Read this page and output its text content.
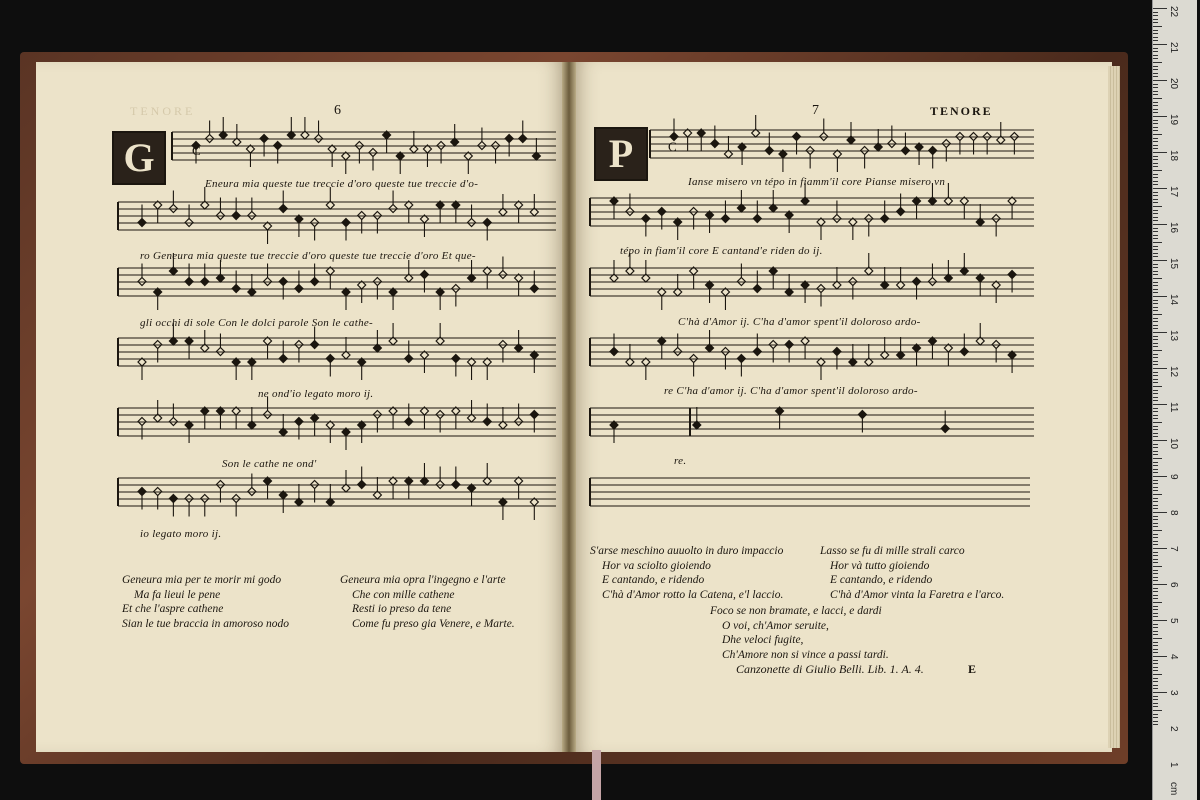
TENORE	6
G	C
Eneura mia queste tue treccie d'oro queste tue treccie d'o-
ro Geneura mia queste tue treccie d'oro queste tue treccie d'oro Et que-
gli occhi di sole Con le dolci parole Son le cathe-
ne ond'io legato moro ij.
Son le cathe ne ond'
io legato moro ij.
Geneura mia per te morir mi godo
Ma fa lieui le pene
Et che l'aspre cathene
Sian le tue braccia in amoroso nodo
Geneura mia opra l'ingegno e l'arte
Che con mille cathene
Resti io preso da tene
Come fu preso gia Venere, e Marte.
7	TENORE
P	C
Ianse misero vn tépo in fiamm'il core Pianse misero vn
tépo in fiam'il core E cantand'e riden do ij.
C'hà d'Amor ij. C'ha d'amor spent'il doloroso ardo-
re C'ha d'amor ij. C'ha d'amor spent'il doloroso ardo-
re.
S'arse meschino auuolto in duro impaccio
Hor va sciolto gioiendo
E cantando, e ridendo
C'hà d'Amor rotto la Catena, e'l laccio.
Lasso se fu di mille strali carco
Hor và tutto gioiendo
E cantando, e ridendo
C'hà d'Amor vinta la Faretra e l'arco.
Foco se non bramate, e lacci, e dardi
O voi, ch'Amor seruite,
Dhe veloci fugite,
Ch'Amore non si vince a passi tardi.
Canzonette di Giulio Belli. Lib. 1. A. 4.	E
22
21
20
19
18
17
16
15
14
13
12
11
10
9
8
7
6
5
4
3
2
1
cm
